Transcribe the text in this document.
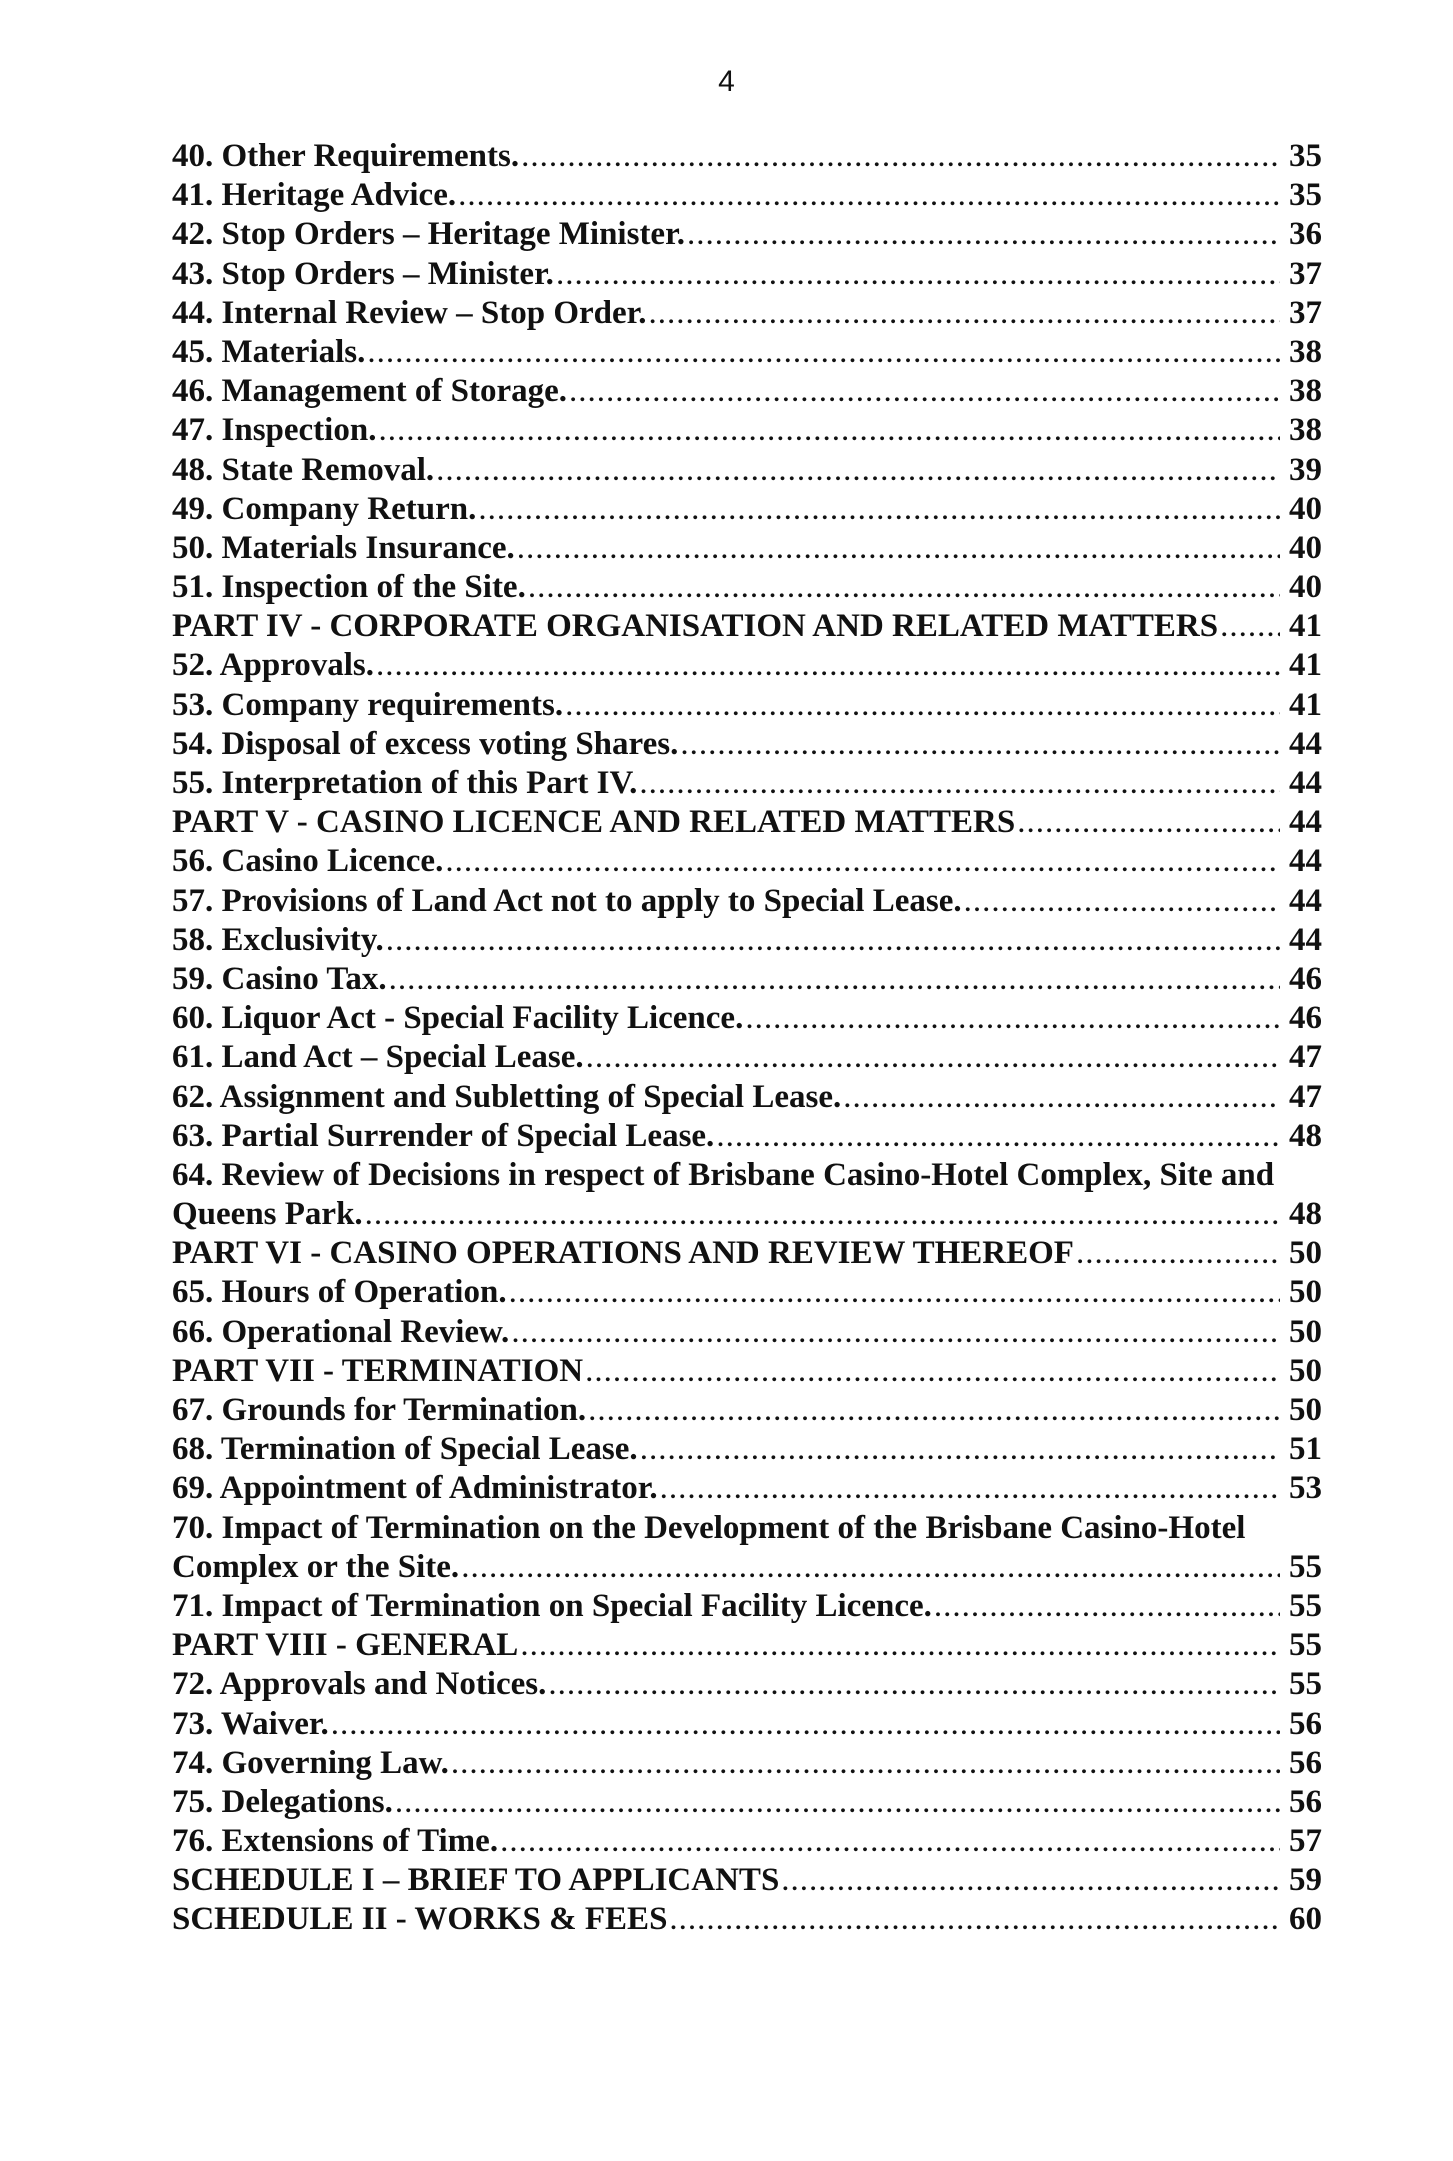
4
40. Other Requirements. .....	35
41. Heritage Advice. .....	35
42. Stop Orders – Heritage Minister. .....	36
43. Stop Orders – Minister. .....	37
44. Internal Review – Stop Order. .....	37
45. Materials. .....	38
46. Management of Storage. .....	38
47. Inspection. .....	38
48. State Removal. .....	39
49. Company Return. .....	40
50. Materials Insurance. .....	40
51. Inspection of the Site. .....	40
PART IV - CORPORATE ORGANISATION AND RELATED MATTERS ..... 41
52. Approvals. .....	41
53. Company requirements. .....	41
54. Disposal of excess voting Shares. .....	44
55. Interpretation of this Part IV. .....	44
PART V - CASINO LICENCE AND RELATED MATTERS .....	44
56. Casino Licence. .....	44
57. Provisions of Land Act not to apply to Special Lease. .....	44
58. Exclusivity. .....	44
59. Casino Tax. .....	46
60. Liquor Act - Special Facility Licence. .....	46
61. Land Act – Special Lease. .....	47
62. Assignment and Subletting of Special Lease. .....	47
63. Partial Surrender of Special Lease. .....	48
64. Review of Decisions in respect of Brisbane Casino-Hotel Complex, Site and
Queens Park. .....	48
PART VI - CASINO OPERATIONS AND REVIEW THEREOF .....	50
65. Hours of Operation. .....	50
66. Operational Review. .....	50
PART VII - TERMINATION .....	50
67. Grounds for Termination. .....	50
68. Termination of Special Lease. .....	51
69. Appointment of Administrator. .....	53
70. Impact of Termination on the Development of the Brisbane Casino-Hotel
Complex or the Site. .....	55
71. Impact of Termination on Special Facility Licence. .....	55
PART VIII - GENERAL .....	55
72. Approvals and Notices. .....	55
73. Waiver. .....	56
74. Governing Law. .....	56
75. Delegations. .....	56
76. Extensions of Time. .....	57
SCHEDULE I – BRIEF TO APPLICANTS .....	59
SCHEDULE II - WORKS & FEES .....	60
